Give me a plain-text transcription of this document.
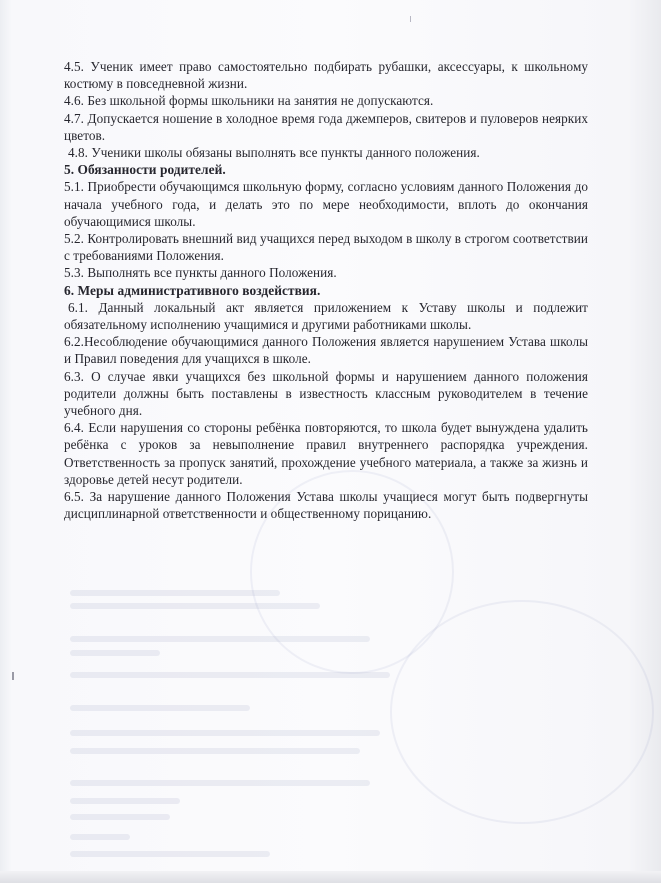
4.5. Ученик имеет право самостоятельно подбирать рубашки, аксессуары, к школьному костюму в повседневной жизни.

4.6. Без школьной формы школьники на занятия не допускаются.

4.7. Допускается ношение в холодное время года джемперов, свитеров и пуловеров неярких цветов.

4.8. Ученики школы обязаны выполнять все пункты данного положения.

5. Обязанности родителей.

5.1. Приобрести обучающимся школьную форму, согласно условиям данного Положения до начала учебного года, и делать это по мере необходимости, вплоть до окончания обучающимися школы.

5.2. Контролировать внешний вид учащихся перед выходом в школу в строгом соответствии с требованиями Положения.

5.3. Выполнять все пункты данного Положения.

6. Меры административного воздействия.

6.1. Данный локальный акт является приложением к Уставу школы и подлежит обязательному исполнению учащимися и другими работниками школы.

6.2.Несоблюдение обучающимися данного Положения является нарушением Устава школы и Правил поведения для учащихся в школе.

6.3. О случае явки учащихся без школьной формы и нарушением данного положения родители должны быть поставлены в известность классным руководителем в течение учебного дня.

6.4. Если нарушения со стороны ребёнка повторяются, то школа будет вынуждена удалить ребёнка с уроков за невыполнение правил внутреннего распорядка учреждения. Ответственность за пропуск занятий, прохождение учебного материала, а также за жизнь и здоровье детей несут родители.

6.5. За нарушение данного Положения Устава школы учащиеся могут быть подвергнуты дисциплинарной ответственности и общественному порицанию.
